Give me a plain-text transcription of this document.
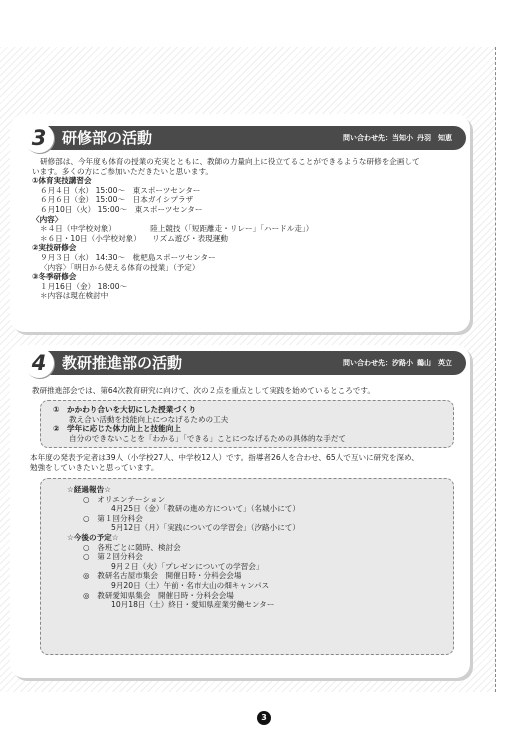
3	研修部の活動	問い合わせ先：当知小 丹羽　知恵
研修部は、今年度も体育の授業の充実とともに、教師の力量向上に役立てることができるような研修を企画して
います。多くの方にご参加いただきたいと思います。
①体育実技講習会
６月４日（水） 15:00～　東スポーツセンター
６月６日（金） 15:00～　日本ガイシプラザ
６月10日（火） 15:00～　東スポーツセンター
〈内容〉
＊４日（中学校対象）　　　　　陸上競技（「短距離走・リレー」「ハードル走」）
＊６日・10日（小学校対象）　　リズム遊び・表現運動
②実技研修会
９月３日（水） 14:30～　枇杷島スポーツセンター
〈内容〉「明日から使える体育の授業」（予定）
③冬季研修会
１月16日（金） 18:00～
＊内容は現在検討中
4	教研推進部の活動	問い合わせ先：汐路小 鵜山　英立
教研推進部会では、第64次教育研究に向けて、次の２点を重点として実践を始めているところです。
①　かかわり合いを大切にした授業づくり
教え合い活動を技能向上につなげるための工夫
②　学年に応じた体力向上と技能向上
自分のできないことを「わかる」「できる」ことにつなげるための具体的な手だて
本年度の発表予定者は39人（小学校27人、中学校12人）です。指導者26人を合わせ、65人で互いに研究を深め、
勉強をしていきたいと思っています。
☆経過報告☆
○　オリエンテーション
4月25日（金）「教研の進め方について」（名城小にて）
○　第１回分科会
5月12日（月）「実践についての学習会」（汐路小にて）
☆今後の予定☆
○　各班ごとに随時、検討会
○　第２回分科会
9月２日（火）「プレゼンについての学習会」
◎　教研名古屋市集会　開催日時・分科会会場
9月20日（土）午前・名市大山の畑キャンパス
◎　教研愛知県集会　開催日時・分科会会場
10月18日（土）終日・愛知県産業労働センター
3
